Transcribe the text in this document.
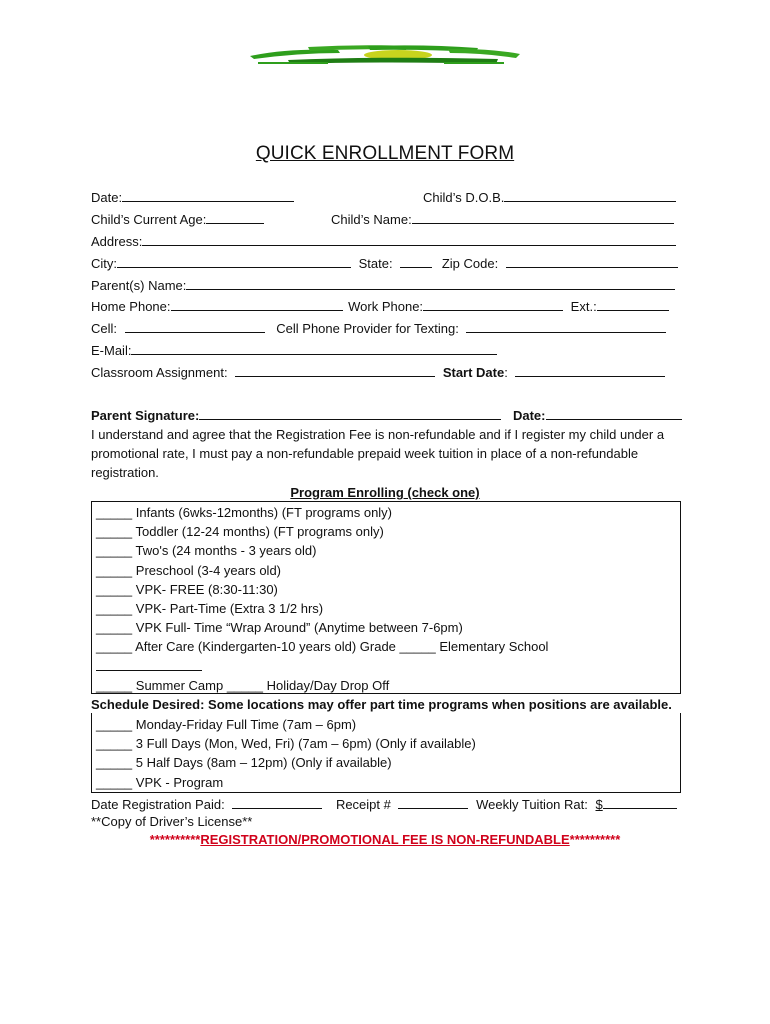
QUICK ENROLLMENT FORM
Date:	Child’s D.O.B.
Child’s Current Age:	Child’s Name:
Address:
City:	State:	Zip Code:
Parent(s) Name:
Home Phone:	Work Phone:	Ext.:
Cell:	Cell Phone Provider for Texting:
E-Mail:
Classroom Assignment:	Start Date:
Parent Signature:	Date:
I understand and agree that the Registration Fee is non-refundable and if I register my child under a promotional rate, I must pay a non-refundable prepaid week tuition in place of a non-refundable registration.
Program Enrolling (check one)
_____ Infants (6wks-12months) (FT programs only)
_____ Toddler (12-24 months) (FT programs only)
_____ Two's (24 months - 3 years old)
_____ Preschool (3-4 years old)
_____ VPK- FREE (8:30-11:30)
_____ VPK- Part-Time (Extra 3 1/2 hrs)
_____ VPK Full- Time “Wrap Around” (Anytime between 7-6pm)
_____ After Care (Kindergarten-10 years old) Grade _____ Elementary School
_____ Summer Camp _____ Holiday/Day Drop Off
Schedule Desired: Some locations may offer part time programs when positions are available.
_____ Monday-Friday Full Time (7am – 6pm)
_____ 3 Full Days (Mon, Wed, Fri) (7am – 6pm) (Only if available)
_____ 5 Half Days (8am – 12pm) (Only if available)
_____ VPK - Program
Date Registration Paid:	Receipt #	Weekly Tuition Rat: $
**Copy of Driver’s License**
**********REGISTRATION/PROMOTIONAL FEE IS NON-REFUNDABLE**********
